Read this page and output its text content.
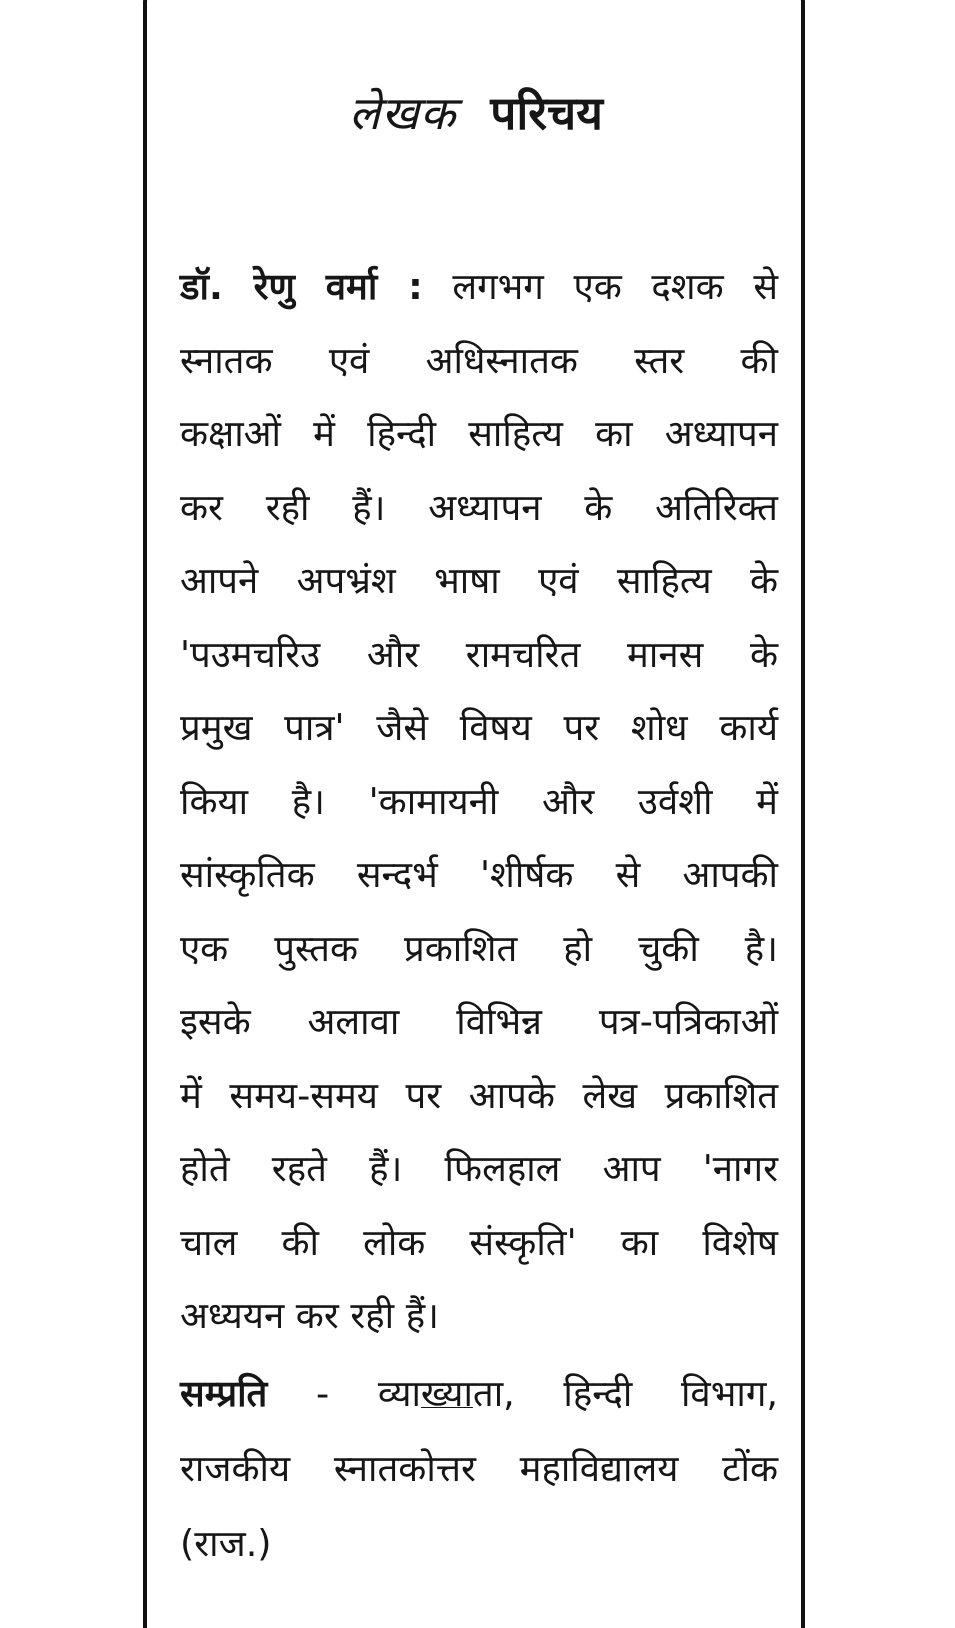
लेखक परिचय
डॉ. रेणु वर्मा : लगभग एक दशक से
स्नातक एवं अधिस्नातक स्तर की
कक्षाओं में हिन्दी साहित्य का अध्यापन
कर रही हैं। अध्यापन के अतिरिक्त
आपने अपभ्रंश भाषा एवं साहित्य के
'पउमचरिउ और रामचरित मानस के
प्रमुख पात्र' जैसे विषय पर शोध कार्य
किया है। 'कामायनी और उर्वशी में
सांस्कृतिक सन्दर्भ 'शीर्षक से आपकी
एक पुस्तक प्रकाशित हो चुकी है।
इसके अलावा विभिन्न पत्र-पत्रिकाओं
में समय-समय पर आपके लेख प्रकाशित
होते रहते हैं। फिलहाल आप 'नागर
चाल की लोक संस्कृति' का विशेष
अध्ययन कर रही हैं।
सम्प्रति - व्याख्याता, हिन्दी विभाग,
राजकीय स्नातकोत्तर महाविद्यालय टोंक
(राज.)
